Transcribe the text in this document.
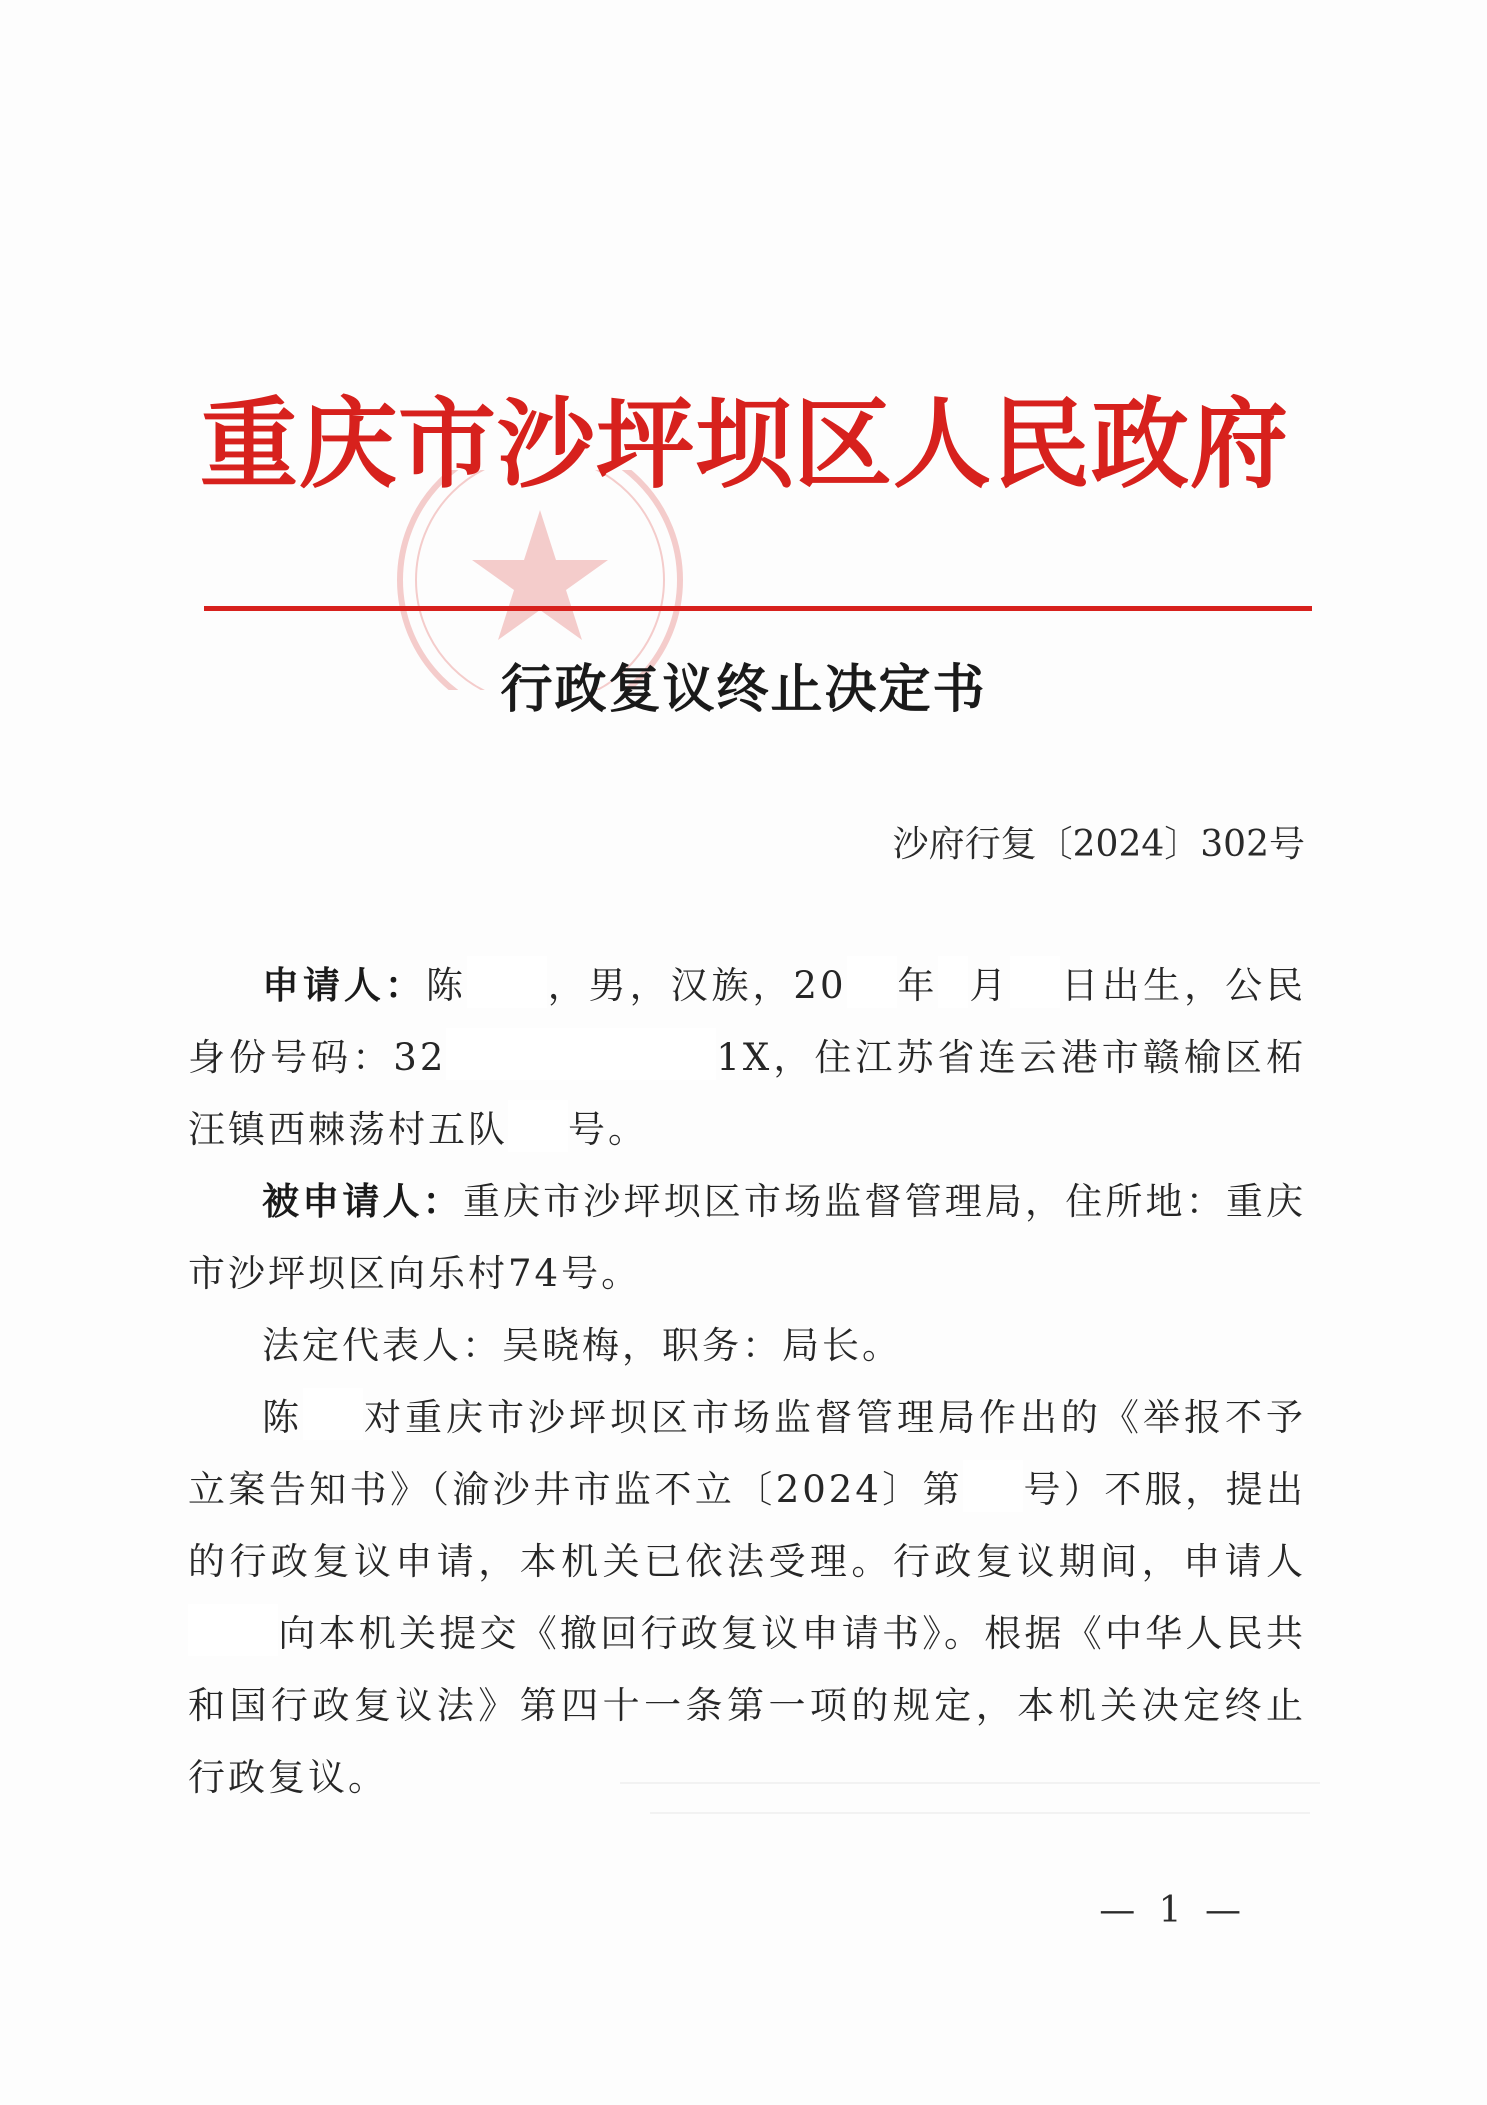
重庆市沙坪坝区人民政府
行政复议终止决定书
沙府行复〔2024〕302号

申请人：陈 ，男，汉族，20 年 月 日出生，公民身份号码：32	1X，住江苏省连云港市赣榆区柘汪镇西棘荡村五队 号。

被申请人：重庆市沙坪坝区市场监督管理局，住所地：重庆市沙坪坝区向乐村74号。

法定代表人：吴晓梅，职务：局长。

陈 对重庆市沙坪坝区市场监督管理局作出的《举报不予立案告知书》（渝沙井市监不立〔2024〕第 号）不服，提出的行政复议申请，本机关已依法受理。行政复议期间，申请人向本机关提交《撤回行政复议申请书》。根据《中华人民共和国行政复议法》第四十一条第一项的规定，本机关决定终止行政复议。

— 1 —
